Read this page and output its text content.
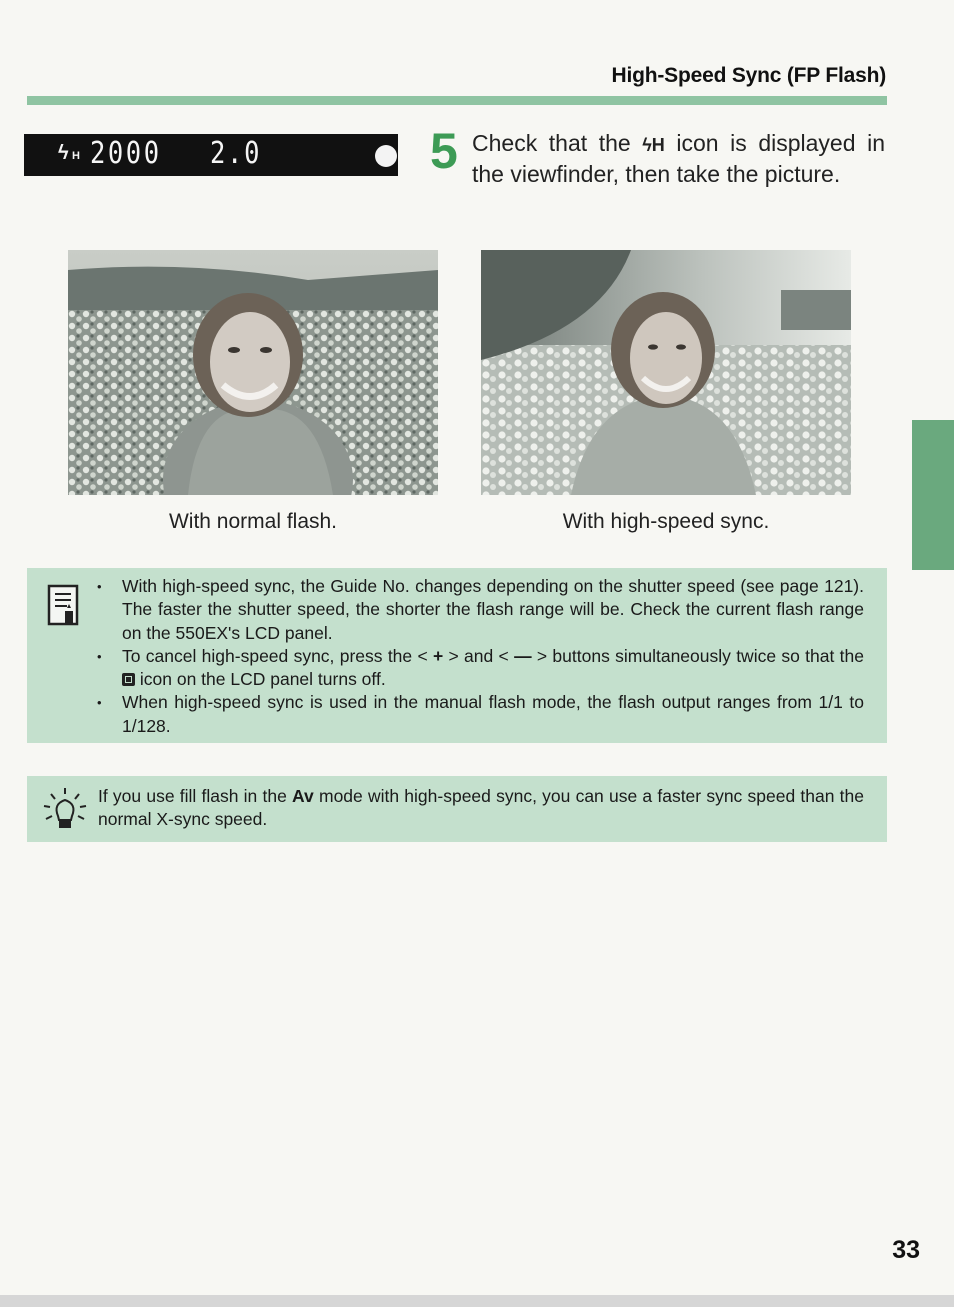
High-Speed Sync (FP Flash)
ϟ H 2000 2.0	5 Check that the ϟH icon is displayed in the viewfinder, then take the picture.
With normal flash.	With high-speed sync.
• With high-speed sync, the Guide No. changes depending on the shutter speed (see page 121). The faster the shutter speed, the shorter the flash range will be. Check the current flash range on the 550EX's LCD panel.
• To cancel high-speed sync, press the < + > and < — > buttons simultaneously twice so that the  icon on the LCD panel turns off.
• When high-speed sync is used in the manual flash mode, the flash output ranges from 1/1 to 1/128.
If you use fill flash in the Av mode with high-speed sync, you can use a faster sync speed than the normal X-sync speed.
33
